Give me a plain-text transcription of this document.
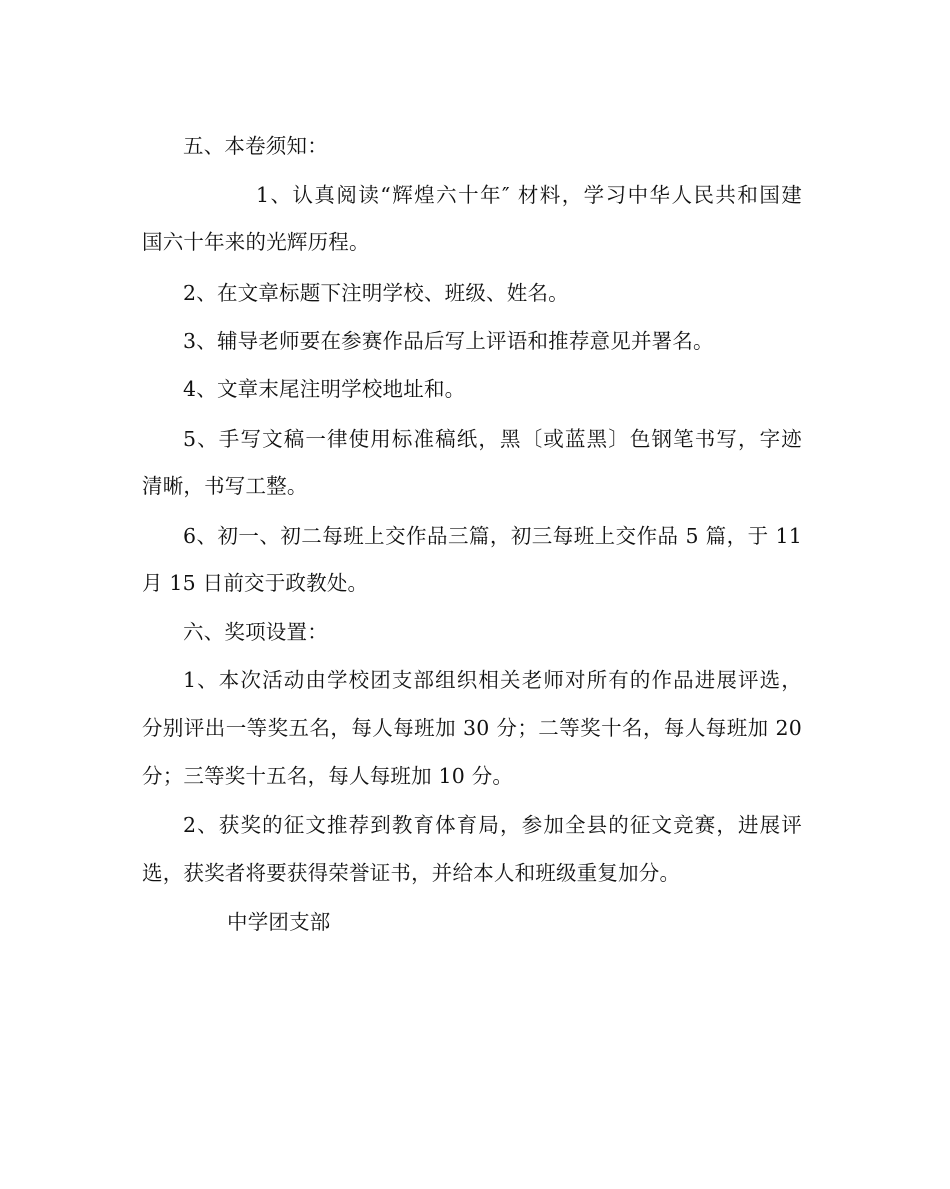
五、本卷须知：
1、认真阅读“辉煌六十年″ 材料，学习中华人民共和国建
国六十年来的光辉历程。
2、在文章标题下注明学校、班级、姓名。
3、辅导老师要在参赛作品后写上评语和推荐意见并署名。
4、文章末尾注明学校地址和。
5、手写文稿一律使用标准稿纸，黑〔或蓝黑〕色钢笔书写，字迹
清晰，书写工整。
6、初一、初二每班上交作品三篇，初三每班上交作品 5 篇，于 11
月 15 日前交于政教处。
六、奖项设置：
1、本次活动由学校团支部组织相关老师对所有的作品进展评选，
分别评出一等奖五名，每人每班加 30 分；二等奖十名，每人每班加 20
分；三等奖十五名，每人每班加 10 分。
2、获奖的征文推荐到教育体育局，参加全县的征文竞赛，进展评
选，获奖者将要获得荣誉证书，并给本人和班级重复加分。
中学团支部
